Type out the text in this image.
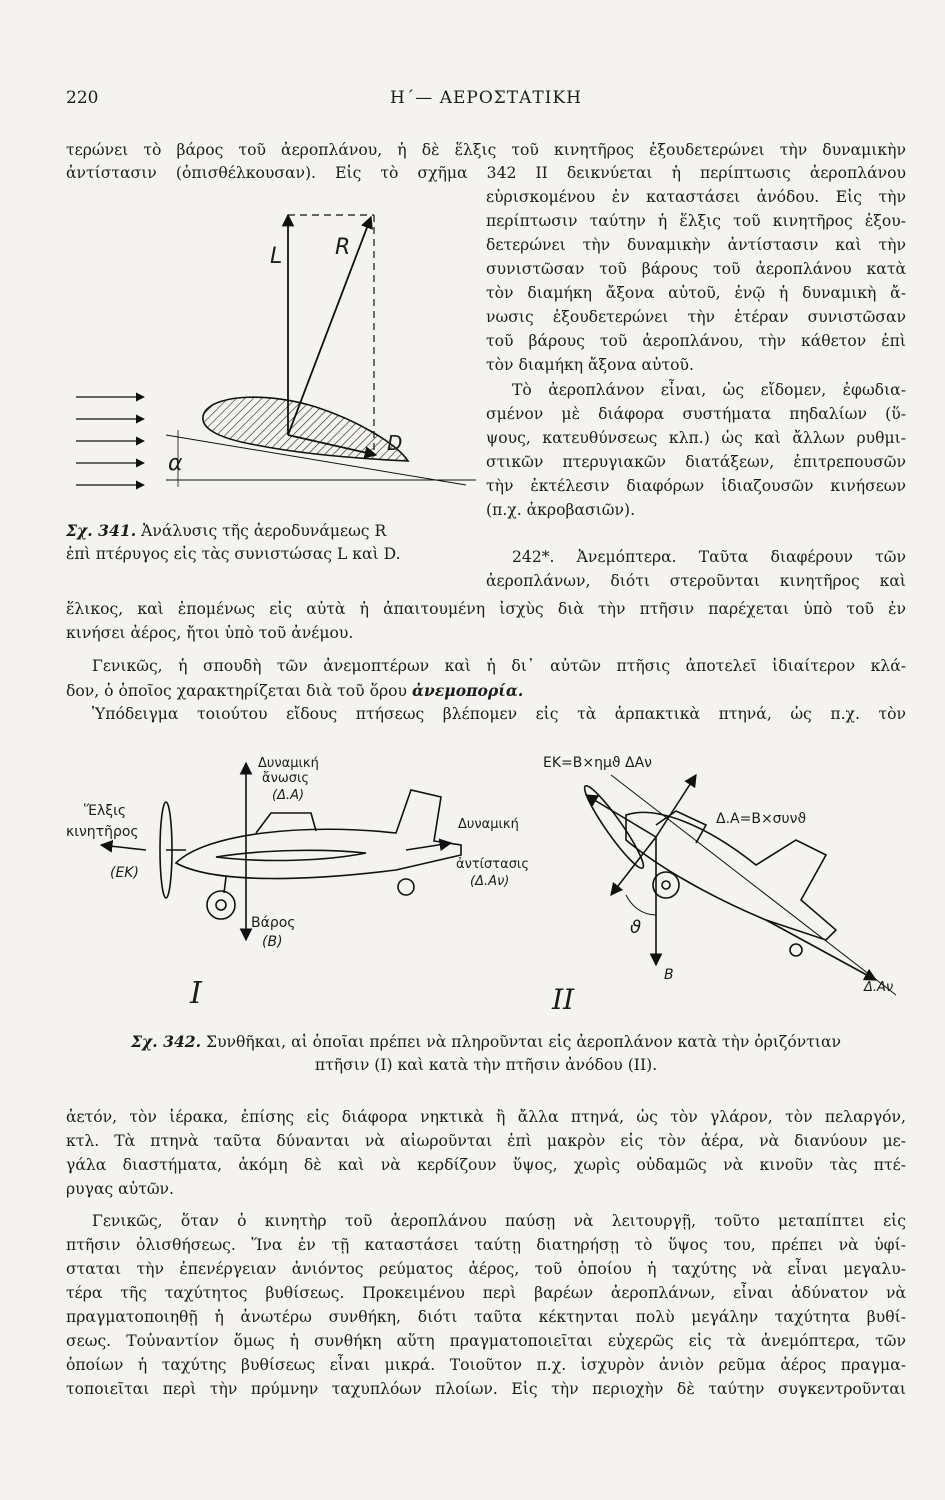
220	Η΄— ΑΕΡΟΣΤΑΤΙΚΗ
τερώνει τὸ βάρος τοῦ ἀεροπλάνου, ἡ δὲ ἕλξις τοῦ κινητῆρος ἐξουδετερώνει τὴν δυναμικὴν
ἀντίστασιν (ὀπισθέλκουσαν). Εἰς τὸ σχῆμα 342 ΙΙ δεικνύεται ἡ περίπτωσις ἀεροπλάνου
εὑρισκομένου ἐν καταστάσει ἀνόδου. Εἰς τὴν
περίπτωσιν ταύτην ἡ ἕλξις τοῦ κινητῆρος ἐξου-
δετερώνει τὴν δυναμικὴν ἀντίστασιν καὶ τὴν
συνιστῶσαν τοῦ βάρους τοῦ ἀεροπλάνου κατὰ
τὸν διαμήκη ἄξονα αὐτοῦ, ἐνῷ ἡ δυναμικὴ ἄ-
νωσις ἐξουδετερώνει τὴν ἑτέραν συνιστῶσαν
τοῦ βάρους τοῦ ἀεροπλάνου, τὴν κάθετον ἐπὶ
τὸν διαμήκη ἄξονα αὐτοῦ.
Τὸ ἀεροπλάνον εἶναι, ὡς εἴδομεν, ἐφωδια-
σμένον μὲ διάφορα συστήματα πηδαλίων (ὕ-
ψους, κατευθύνσεως κλπ.) ὡς καὶ ἄλλων ρυθμι-
στικῶν πτερυγιακῶν διατάξεων, ἐπιτρεπουσῶν
τὴν ἐκτέλεσιν διαφόρων ἰδιαζουσῶν κινήσεων
(π.χ. ἀκροβασιῶν).
242*. Ἀνεμόπτερα. Ταῦτα διαφέρουν τῶν
ἀεροπλάνων, διότι στεροῦνται κινητῆρος καὶ
L R
D
α
Σχ. 341. Ἀνάλυσις τῆς ἀεροδυνάμεως R
ἐπὶ πτέρυγος εἰς τὰς συνιστώσας L καὶ D.
ἕλικος, καὶ ἑπομένως εἰς αὐτὰ ἡ ἀπαιτουμένη ἰσχὺς διὰ τὴν πτῆσιν παρέχεται ὑπὸ τοῦ ἐν
κινήσει ἀέρος, ἤτοι ὑπὸ τοῦ ἀνέμου.
Γενικῶς, ἡ σπουδὴ τῶν ἀνεμοπτέρων καὶ ἡ δι᾽ αὐτῶν πτῆσις ἀποτελεῖ ἰδιαίτερον κλά-
δον, ὁ ὁποῖος χαρακτηρίζεται διὰ τοῦ ὅρου ἀνεμοπορία.
Ὑπόδειγμα τοιούτου εἴδους πτήσεως βλέπομεν εἰς τὰ ἁρπακτικὰ πτηνά, ὡς π.χ. τὸν
Δυναμική
ἄνωσις
(Δ.Α)
Ἕλξις
κινητῆρος
(ΕΚ)
Δυναμική
ἀντίστασις
(Δ.Αν)
Βάρος
(Β)
Ι
ΕΚ=Β×ημϑ ΔΑν
Δ.Α=Β×συνϑ
ϑ
Β
Δ.Αν
ΙΙ
Σχ. 342. Συνθῆκαι, αἱ ὁποῖαι πρέπει νὰ πληροῦνται εἰς ἀεροπλάνον κατὰ τὴν ὁριζόντιαν
πτῆσιν (Ι) καὶ κατὰ τὴν πτῆσιν ἀνόδου (ΙΙ).
ἀετόν, τὸν ἱέρακα, ἐπίσης εἰς διάφορα νηκτικὰ ἢ ἄλλα πτηνά, ὡς τὸν γλάρον, τὸν πελαργόν,
κτλ. Τὰ πτηνὰ ταῦτα δύνανται νὰ αἰωροῦνται ἐπὶ μακρὸν εἰς τὸν ἀέρα, νὰ διανύουν με-
γάλα διαστήματα, ἀκόμη δὲ καὶ νὰ κερδίζουν ὕψος, χωρὶς οὐδαμῶς νὰ κινοῦν τὰς πτέ-
ρυγας αὐτῶν.
Γενικῶς, ὅταν ὁ κινητὴρ τοῦ ἀεροπλάνου παύσῃ νὰ λειτουργῇ, τοῦτο μεταπίπτει εἰς
πτῆσιν ὀλισθήσεως. Ἵνα ἐν τῇ καταστάσει ταύτῃ διατηρήσῃ τὸ ὕψος του, πρέπει νὰ ὑφί-
σταται τὴν ἐπενέργειαν ἀνιόντος ρεύματος ἀέρος, τοῦ ὁποίου ἡ ταχύτης νὰ εἶναι μεγαλυ-
τέρα τῆς ταχύτητος βυθίσεως. Προκειμένου περὶ βαρέων ἀεροπλάνων, εἶναι ἀδύνατον νὰ
πραγματοποιηθῇ ἡ ἀνωτέρω συνθήκη, διότι ταῦτα κέκτηνται πολὺ μεγάλην ταχύτητα βυθί-
σεως. Τοὐναντίον ὅμως ἡ συνθήκη αὕτη πραγματοποιεῖται εὐχερῶς εἰς τὰ ἀνεμόπτερα, τῶν
ὁποίων ἡ ταχύτης βυθίσεως εἶναι μικρά. Τοιοῦτον π.χ. ἰσχυρὸν ἀνιὸν ρεῦμα ἀέρος πραγμα-
τοποιεῖται περὶ τὴν πρύμνην ταχυπλόων πλοίων. Εἰς τὴν περιοχὴν δὲ ταύτην συγκεντροῦνται
